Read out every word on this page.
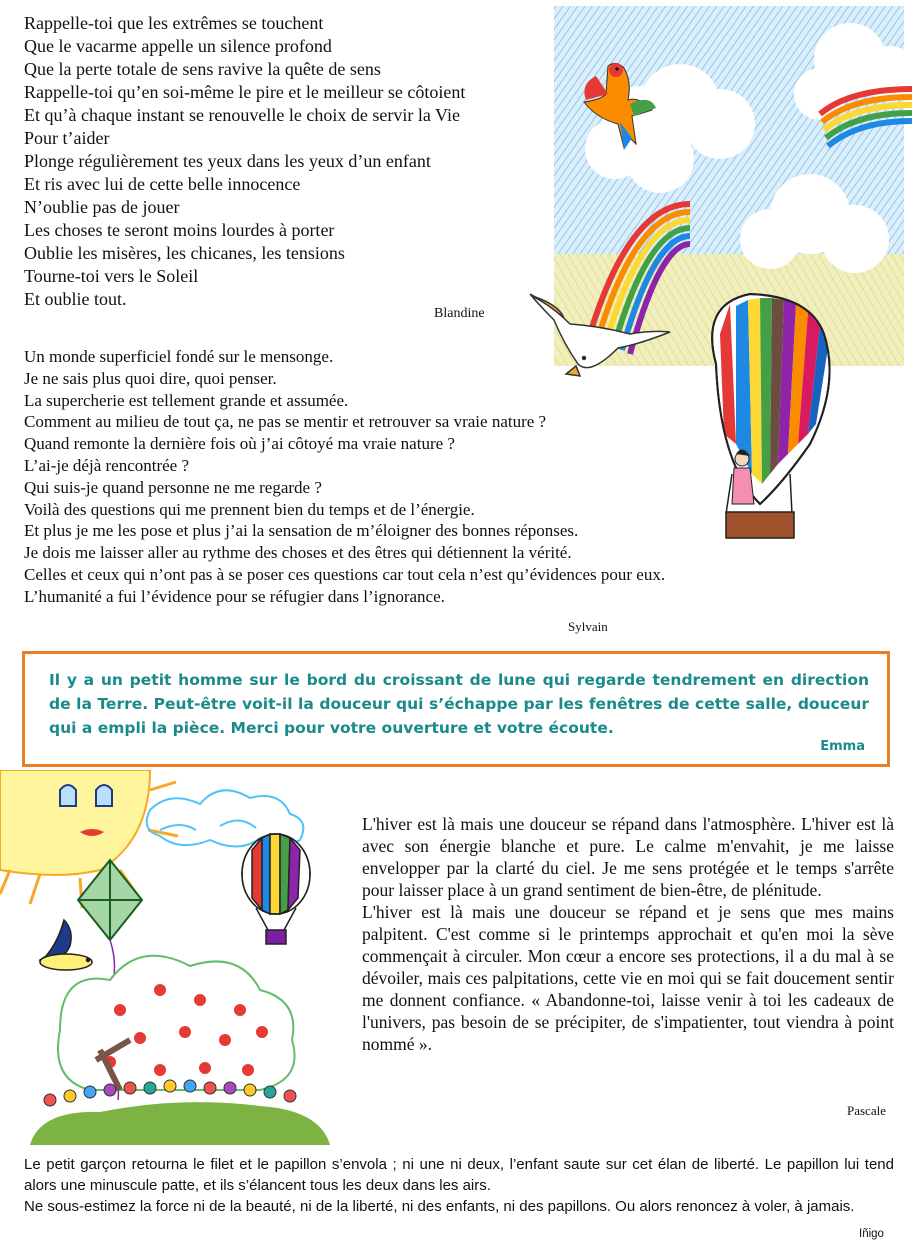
Rappelle-toi que les extrêmes se touchent
Que le vacarme appelle un silence profond
Que la perte totale de sens ravive la quête de sens
Rappelle-toi qu’en soi-même le pire et le meilleur se côtoient
Et qu’à chaque instant se renouvelle le choix de servir la Vie
Pour t’aider
Plonge régulièrement tes yeux dans les yeux d’un enfant
Et ris avec lui de cette belle innocence
N’oublie pas de jouer
Les choses te seront moins lourdes à porter
Oublie les misères, les chicanes, les tensions
Tourne-toi vers le Soleil
Et oublie tout.
Blandine
Un monde superficiel fondé sur le mensonge.
Je ne sais plus quoi dire, quoi penser.
La supercherie est tellement grande et assumée.
Comment au milieu de tout ça, ne pas se mentir et retrouver sa vraie nature ?
Quand remonte la dernière fois où j’ai côtoyé ma vraie nature ?
L’ai-je déjà rencontrée ?
Qui suis-je quand personne ne me regarde ?
Voilà des questions qui me prennent bien du temps et de l’énergie.
Et plus je me les pose et plus j’ai la sensation de m’éloigner des bonnes réponses.
Je dois me laisser aller au rythme des choses et des êtres qui détiennent la vérité.
Celles et ceux qui n’ont pas à se poser ces questions car tout cela n’est qu’évidences pour eux.
L’humanité a fui l’évidence pour se réfugier dans l’ignorance.
Sylvain
Il y a un petit homme sur le bord du croissant de lune qui regarde tendrement en direction de la Terre. Peut-être voit-il la douceur qui s’échappe par les fenêtres de cette salle, douceur qui a empli la pièce. Merci pour votre ouverture et votre écoute.
Emma

L'hiver est là mais une douceur se répand dans l'atmosphère. L'hiver est là avec son énergie blanche et pure. Le calme m'envahit, je me laisse envelopper par la clarté du ciel. Je me sens protégée et le temps s'arrête pour laisser place à un grand sentiment de bien-être, de plénitude.

L'hiver est là mais une douceur se répand et je sens que mes mains palpitent. C'est comme si le printemps approchait et qu'en moi la sève commençait à circuler. Mon cœur a encore ses protections, il a du mal à se dévoiler, mais ces palpitations, cette vie en moi qui se fait doucement sentir me donnent confiance. « Abandonne-toi, laisse venir à toi les cadeaux de l'univers, pas besoin de se précipiter, de s'impatienter, tout viendra à point nommé ».

Pascale

Le petit garçon retourna le filet et le papillon s’envola ; ni une ni deux, l’enfant saute sur cet élan de liberté. Le papillon lui tend alors une minuscule patte, et ils s’élancent tous les deux dans les airs.

Ne sous-estimez la force ni de la beauté, ni de la liberté, ni des enfants, ni des papillons. Ou alors renoncez à voler, à jamais.

Iñigo
